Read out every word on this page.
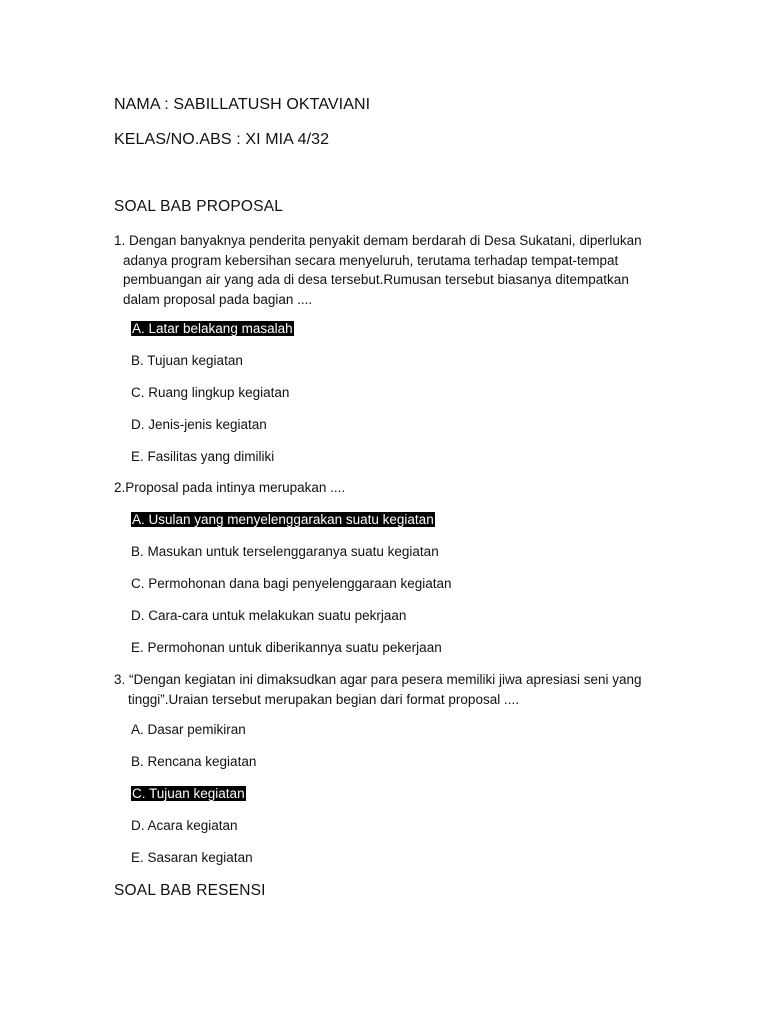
NAMA : SABILLATUSH OKTAVIANI
KELAS/NO.ABS : XI MIA 4/32
SOAL BAB PROPOSAL
1. Dengan banyaknya penderita penyakit demam berdarah di Desa Sukatani, diperlukan adanya program kebersihan secara menyeluruh, terutama terhadap tempat-tempat pembuangan air yang ada di desa tersebut.Rumusan tersebut biasanya ditempatkan dalam proposal pada bagian ....
A. Latar belakang masalah
B. Tujuan kegiatan
C. Ruang lingkup kegiatan
D. Jenis-jenis kegiatan
E. Fasilitas yang dimiliki
2.Proposal pada intinya merupakan ....
A. Usulan yang menyelenggarakan suatu kegiatan
B. Masukan untuk terselenggaranya suatu kegiatan
C. Permohonan dana bagi penyelenggaraan kegiatan
D. Cara-cara untuk melakukan suatu pekrjaan
E. Permohonan untuk diberikannya suatu pekerjaan
3. “Dengan kegiatan ini dimaksudkan agar para pesera memiliki jiwa apresiasi seni yang tinggi”.Uraian tersebut merupakan begian dari format proposal ....
A. Dasar pemikiran
B. Rencana kegiatan
C. Tujuan kegiatan
D. Acara kegiatan
E. Sasaran kegiatan
SOAL BAB RESENSI
